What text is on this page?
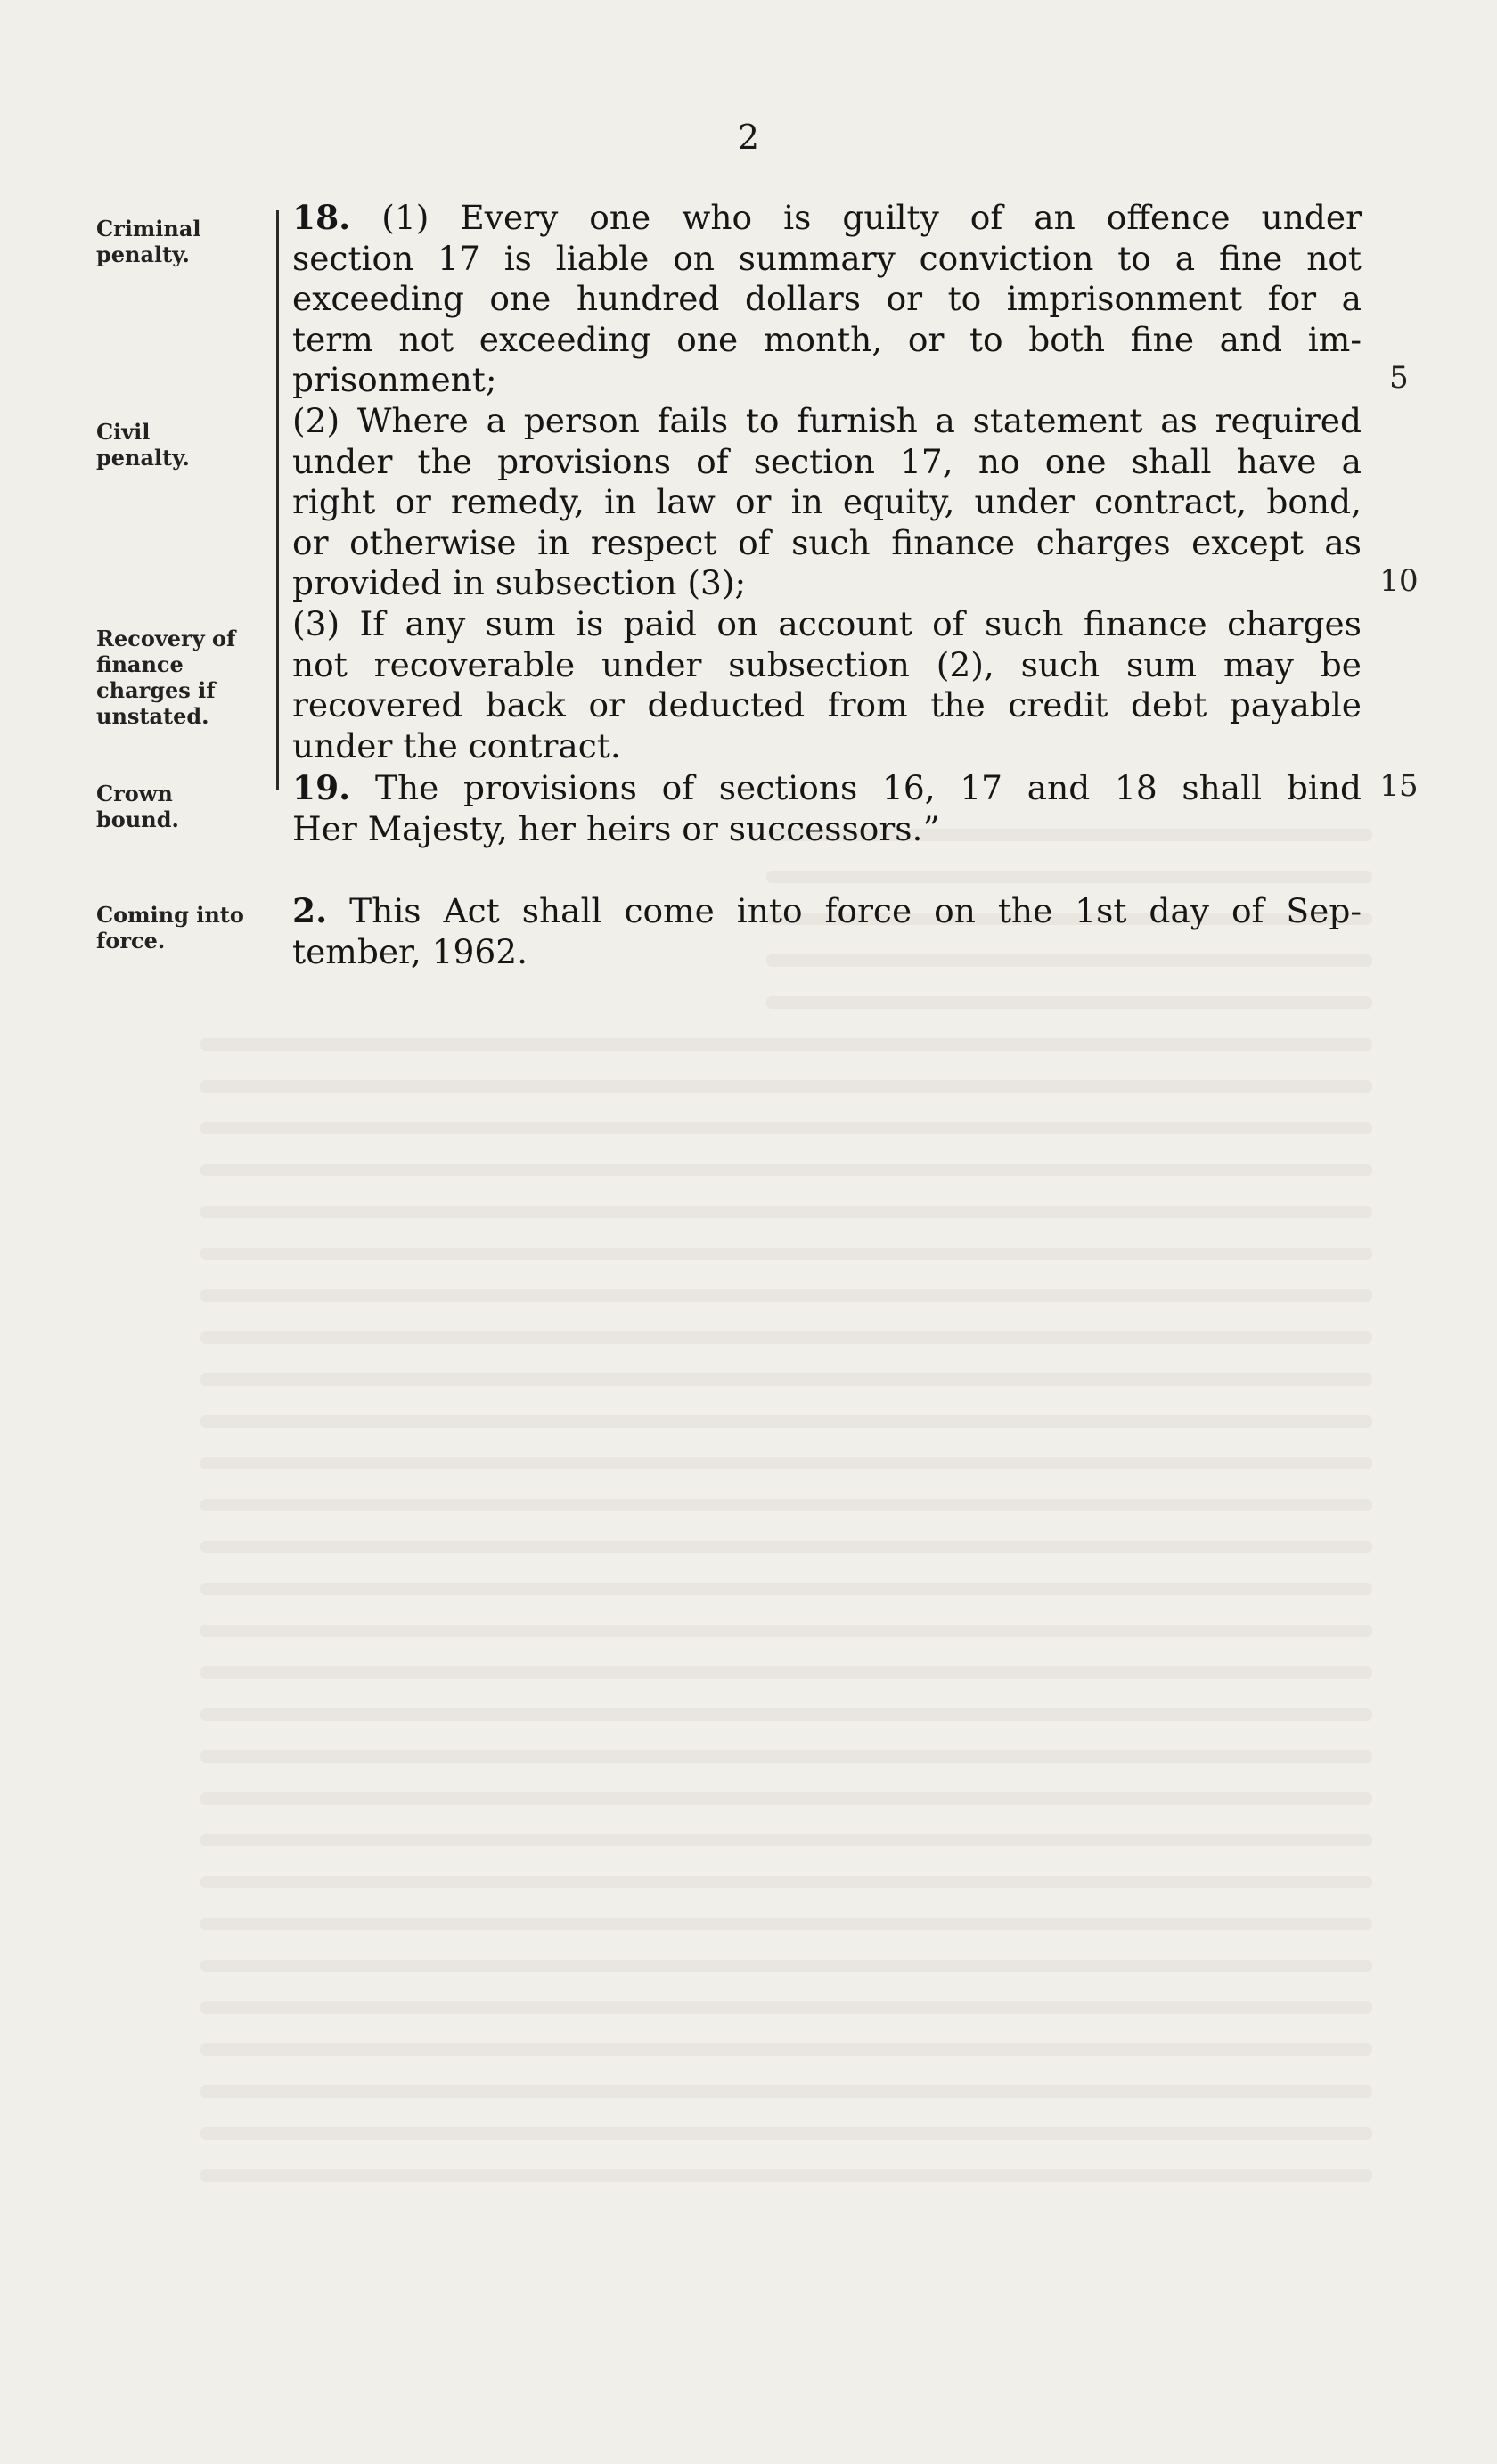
2
Criminal
penalty.
Civil
penalty.
Recovery of
finance
charges if
unstated.
Crown
bound.
Coming into
force.
18. (1) Every one who is guilty of an offence under
section 17 is liable on summary conviction to a fine not
exceeding one hundred dollars or to imprisonment for a
term not exceeding one month, or to both fine and im-
prisonment;
(2) Where a person fails to furnish a statement as required
under the provisions of section 17, no one shall have a
right or remedy, in law or in equity, under contract, bond,
or otherwise in respect of such finance charges except as
provided in subsection (3);
(3) If any sum is paid on account of such finance charges
not recoverable under subsection (2), such sum may be
recovered back or deducted from the credit debt payable
under the contract.
19. The provisions of sections 16, 17 and 18 shall bind
Her Majesty, her heirs or successors.”
2. This Act shall come into force on the 1st day of Sep-
tember, 1962.
5
10
15
